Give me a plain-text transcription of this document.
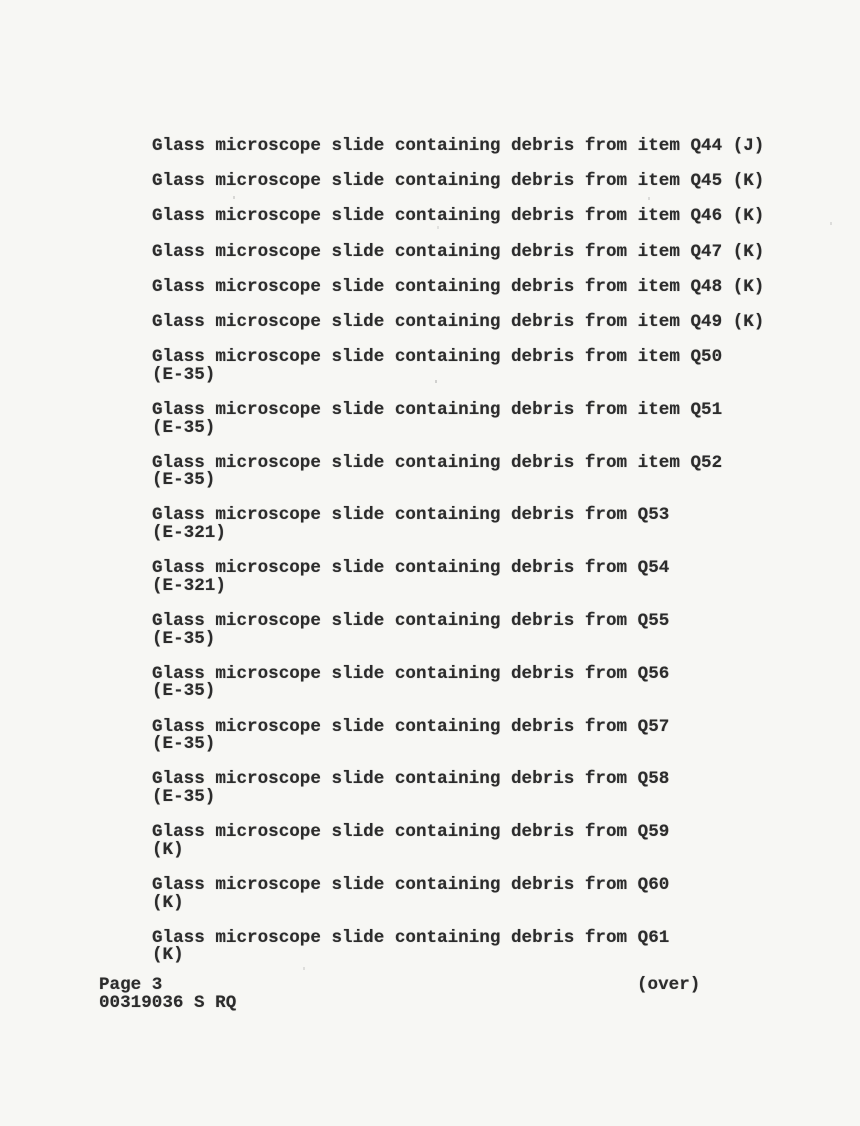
Glass microscope slide containing debris from item Q44 (J)

Glass microscope slide containing debris from item Q45 (K)

Glass microscope slide containing debris from item Q46 (K)

Glass microscope slide containing debris from item Q47 (K)

Glass microscope slide containing debris from item Q48 (K)

Glass microscope slide containing debris from item Q49 (K)

Glass microscope slide containing debris from item Q50
(E-35)

Glass microscope slide containing debris from item Q51
(E-35)

Glass microscope slide containing debris from item Q52
(E-35)

Glass microscope slide containing debris from Q53
(E-321)

Glass microscope slide containing debris from Q54
(E-321)

Glass microscope slide containing debris from Q55
(E-35)

Glass microscope slide containing debris from Q56
(E-35)

Glass microscope slide containing debris from Q57
(E-35)

Glass microscope slide containing debris from Q58
(E-35)

Glass microscope slide containing debris from Q59
(K)

Glass microscope slide containing debris from Q60
(K)

Glass microscope slide containing debris from Q61
(K)

Page 3
00319036 S RQ
(over)
